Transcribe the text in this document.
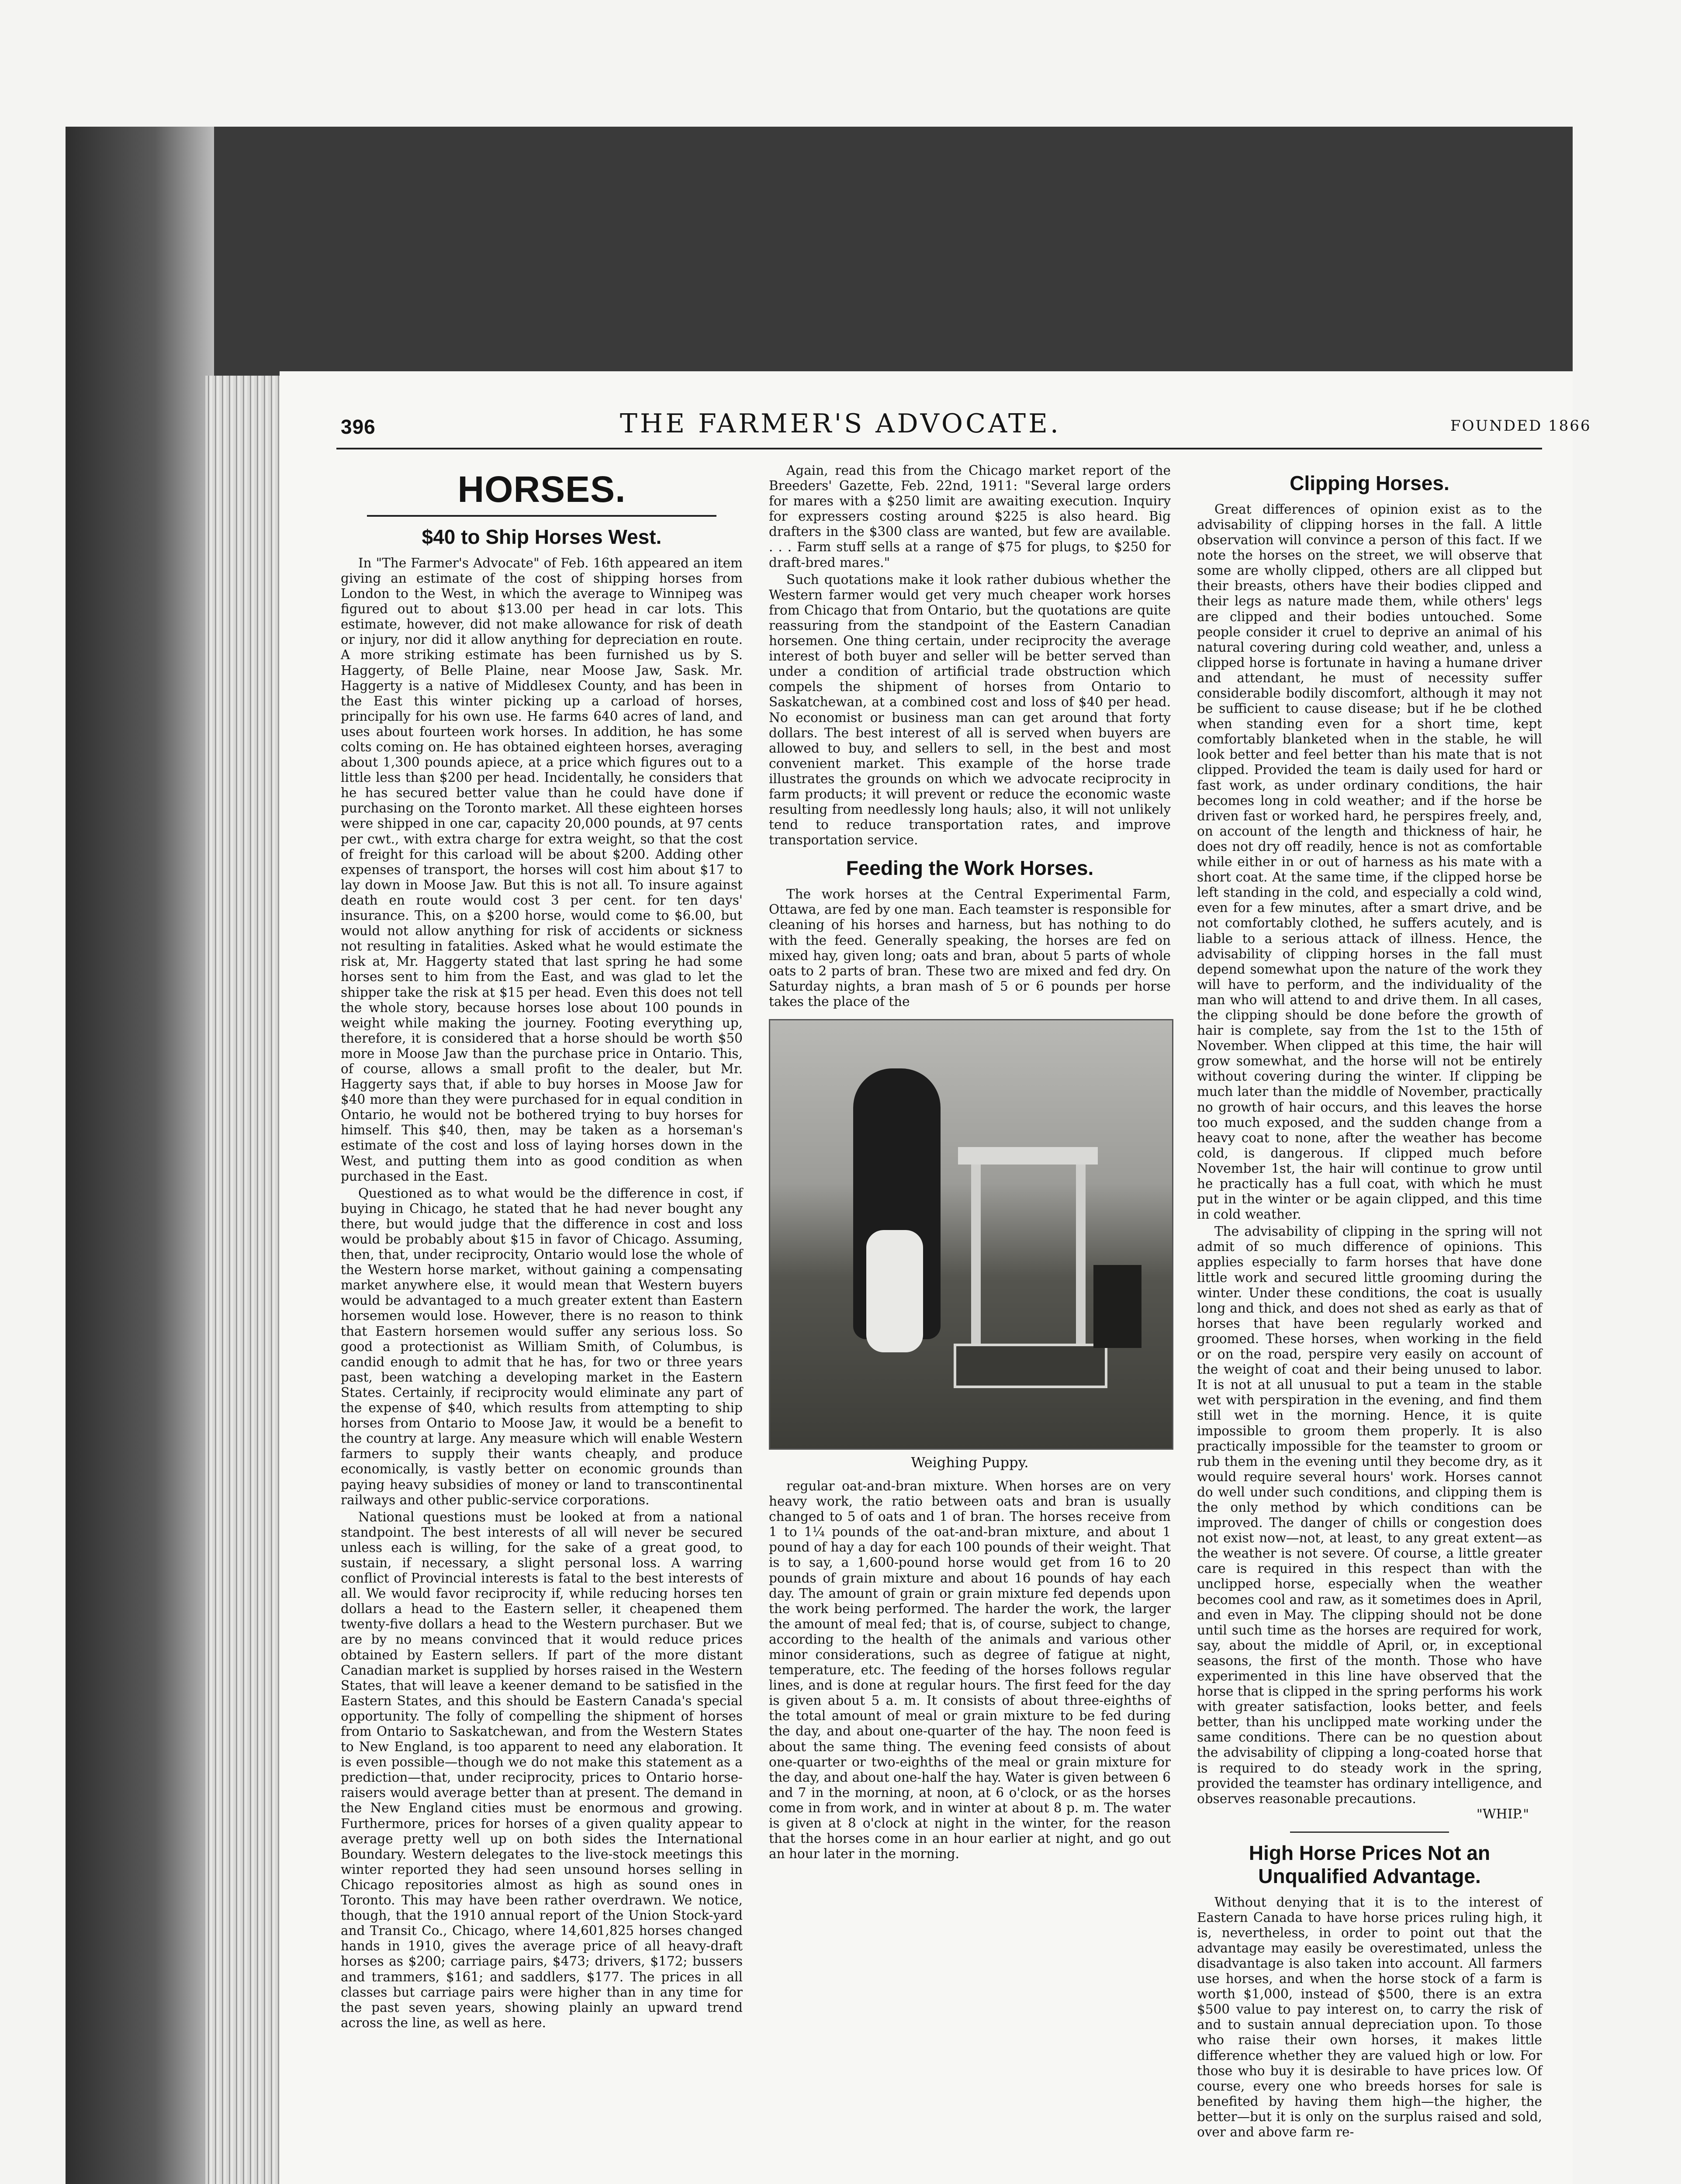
396	THE FARMER'S ADVOCATE.	FOUNDED 1866
HORSES.
$40 to Ship Horses West.

In "The Farmer's Advocate" of Feb. 16th appeared an item giving an estimate of the cost of shipping horses from London to the West, in which the average to Winnipeg was figured out to about $13.00 per head in car lots. This estimate, however, did not make allowance for risk of death or injury, nor did it allow anything for depreciation en route. A more striking estimate has been furnished us by S. Haggerty, of Belle Plaine, near Moose Jaw, Sask. Mr. Haggerty is a native of Middlesex County, and has been in the East this winter picking up a carload of horses, principally for his own use. He farms 640 acres of land, and uses about fourteen work horses. In addition, he has some colts coming on. He has obtained eighteen horses, averaging about 1,300 pounds apiece, at a price which figures out to a little less than $200 per head. Incidentally, he considers that he has secured better value than he could have done if purchasing on the Toronto market. All these eighteen horses were shipped in one car, capacity 20,000 pounds, at 97 cents per cwt., with extra charge for extra weight, so that the cost of freight for this carload will be about $200. Adding other expenses of transport, the horses will cost him about $17 to lay down in Moose Jaw. But this is not all. To insure against death en route would cost 3 per cent. for ten days' insurance. This, on a $200 horse, would come to $6.00, but would not allow anything for risk of accidents or sickness not resulting in fatalities. Asked what he would estimate the risk at, Mr. Haggerty stated that last spring he had some horses sent to him from the East, and was glad to let the shipper take the risk at $15 per head. Even this does not tell the whole story, because horses lose about 100 pounds in weight while making the journey. Footing everything up, therefore, it is considered that a horse should be worth $50 more in Moose Jaw than the purchase price in Ontario. This, of course, allows a small profit to the dealer, but Mr. Haggerty says that, if able to buy horses in Moose Jaw for $40 more than they were purchased for in equal condition in Ontario, he would not be bothered trying to buy horses for himself. This $40, then, may be taken as a horseman's estimate of the cost and loss of laying horses down in the West, and putting them into as good condition as when purchased in the East.

Questioned as to what would be the difference in cost, if buying in Chicago, he stated that he had never bought any there, but would judge that the difference in cost and loss would be probably about $15 in favor of Chicago. Assuming, then, that, under reciprocity, Ontario would lose the whole of the Western horse market, without gaining a compensating market anywhere else, it would mean that Western buyers would be advantaged to a much greater extent than Eastern horsemen would lose. However, there is no reason to think that Eastern horsemen would suffer any serious loss. So good a protectionist as William Smith, of Columbus, is candid enough to admit that he has, for two or three years past, been watching a developing market in the Eastern States. Certainly, if reciprocity would eliminate any part of the expense of $40, which results from attempting to ship horses from Ontario to Moose Jaw, it would be a benefit to the country at large. Any measure which will enable Western farmers to supply their wants cheaply, and produce economically, is vastly better on economic grounds than paying heavy subsidies of money or land to transcontinental railways and other public-service corporations.

National questions must be looked at from a national standpoint. The best interests of all will never be secured unless each is willing, for the sake of a great good, to sustain, if necessary, a slight personal loss. A warring conflict of Provincial interests is fatal to the best interests of all. We would favor reciprocity if, while reducing horses ten dollars a head to the Eastern seller, it cheapened them twenty-five dollars a head to the Western purchaser. But we are by no means convinced that it would reduce prices obtained by Eastern sellers. If part of the more distant Canadian market is supplied by horses raised in the Western States, that will leave a keener demand to be satisfied in the Eastern States, and this should be Eastern Canada's special opportunity. The folly of compelling the shipment of horses from Ontario to Saskatchewan, and from the Western States to New England, is too apparent to need any elaboration. It is even possible—though we do not make this statement as a prediction—that, under reciprocity, prices to Ontario horse-raisers would average better than at present. The demand in the New England cities must be enormous and growing. Furthermore, prices for horses of a given quality appear to average pretty well up on both sides the International Boundary. Western delegates to the live-stock meetings this winter reported they had seen unsound horses selling in Chicago repositories almost as high as sound ones in Toronto. This may have been rather overdrawn. We notice, though, that the 1910 annual report of the Union Stock-yard and Transit Co., Chicago, where 14,601,825 horses changed hands in 1910, gives the average price of all heavy-draft horses as $200; carriage pairs, $473; drivers, $172; bussers and trammers, $161; and saddlers, $177. The prices in all classes but carriage pairs were higher than in any time for the past seven years, showing plainly an upward trend across the line, as well as here.

Again, read this from the Chicago market report of the Breeders' Gazette, Feb. 22nd, 1911: "Several large orders for mares with a $250 limit are awaiting execution. Inquiry for expressers costing around $225 is also heard. Big drafters in the $300 class are wanted, but few are available. . . . Farm stuff sells at a range of $75 for plugs, to $250 for draft-bred mares."

Such quotations make it look rather dubious whether the Western farmer would get very much cheaper work horses from Chicago that from Ontario, but the quotations are quite reassuring from the standpoint of the Eastern Canadian horsemen. One thing certain, under reciprocity the average interest of both buyer and seller will be better served than under a condition of artificial trade obstruction which compels the shipment of horses from Ontario to Saskatchewan, at a combined cost and loss of $40 per head. No economist or business man can get around that forty dollars. The best interest of all is served when buyers are allowed to buy, and sellers to sell, in the best and most convenient market. This example of the horse trade illustrates the grounds on which we advocate reciprocity in farm products; it will prevent or reduce the economic waste resulting from needlessly long hauls; also, it will not unlikely tend to reduce transportation rates, and improve transportation service.

Feeding the Work Horses.

The work horses at the Central Experimental Farm, Ottawa, are fed by one man. Each teamster is responsible for cleaning of his horses and harness, but has nothing to do with the feed. Generally speaking, the horses are fed on mixed hay, given long; oats and bran, about 5 parts of whole oats to 2 parts of bran. These two are mixed and fed dry. On Saturday nights, a bran mash of 5 or 6 pounds per horse takes the place of the

Weighing Puppy.

regular oat-and-bran mixture. When horses are on very heavy work, the ratio between oats and bran is usually changed to 5 of oats and 1 of bran. The horses receive from 1 to 1¼ pounds of the oat-and-bran mixture, and about 1 pound of hay a day for each 100 pounds of their weight. That is to say, a 1,600-pound horse would get from 16 to 20 pounds of grain mixture and about 16 pounds of hay each day. The amount of grain or grain mixture fed depends upon the work being performed. The harder the work, the larger the amount of meal fed; that is, of course, subject to change, according to the health of the animals and various other minor considerations, such as degree of fatigue at night, temperature, etc. The feeding of the horses follows regular lines, and is done at regular hours. The first feed for the day is given about 5 a. m. It consists of about three-eighths of the total amount of meal or grain mixture to be fed during the day, and about one-quarter of the hay. The noon feed is about the same thing. The evening feed consists of about one-quarter or two-eighths of the meal or grain mixture for the day, and about one-half the hay. Water is given between 6 and 7 in the morning, at noon, at 6 o'clock, or as the horses come in from work, and in winter at about 8 p. m. The water is given at 8 o'clock at night in the winter, for the reason that the horses come in an hour earlier at night, and go out an hour later in the morning.

Clipping Horses.

Great differences of opinion exist as to the advisability of clipping horses in the fall. A little observation will convince a person of this fact. If we note the horses on the street, we will observe that some are wholly clipped, others are all clipped but their breasts, others have their bodies clipped and their legs as nature made them, while others' legs are clipped and their bodies untouched. Some people consider it cruel to deprive an animal of his natural covering during cold weather, and, unless a clipped horse is fortunate in having a humane driver and attendant, he must of necessity suffer considerable bodily discomfort, although it may not be sufficient to cause disease; but if he be clothed when standing even for a short time, kept comfortably blanketed when in the stable, he will look better and feel better than his mate that is not clipped. Provided the team is daily used for hard or fast work, as under ordinary conditions, the hair becomes long in cold weather; and if the horse be driven fast or worked hard, he perspires freely, and, on account of the length and thickness of hair, he does not dry off readily, hence is not as comfortable while either in or out of harness as his mate with a short coat. At the same time, if the clipped horse be left standing in the cold, and especially a cold wind, even for a few minutes, after a smart drive, and be not comfortably clothed, he suffers acutely, and is liable to a serious attack of illness. Hence, the advisability of clipping horses in the fall must depend somewhat upon the nature of the work they will have to perform, and the individuality of the man who will attend to and drive them. In all cases, the clipping should be done before the growth of hair is complete, say from the 1st to the 15th of November. When clipped at this time, the hair will grow somewhat, and the horse will not be entirely without covering during the winter. If clipping be much later than the middle of November, practically no growth of hair occurs, and this leaves the horse too much exposed, and the sudden change from a heavy coat to none, after the weather has become cold, is dangerous. If clipped much before November 1st, the hair will continue to grow until he practically has a full coat, with which he must put in the winter or be again clipped, and this time in cold weather.

The advisability of clipping in the spring will not admit of so much difference of opinions. This applies especially to farm horses that have done little work and secured little grooming during the winter. Under these conditions, the coat is usually long and thick, and does not shed as early as that of horses that have been regularly worked and groomed. These horses, when working in the field or on the road, perspire very easily on account of the weight of coat and their being unused to labor. It is not at all unusual to put a team in the stable wet with perspiration in the evening, and find them still wet in the morning. Hence, it is quite impossible to groom them properly. It is also practically impossible for the teamster to groom or rub them in the evening until they become dry, as it would require several hours' work. Horses cannot do well under such conditions, and clipping them is the only method by which conditions can be improved. The danger of chills or congestion does not exist now—not, at least, to any great extent—as the weather is not severe. Of course, a little greater care is required in this respect than with the unclipped horse, especially when the weather becomes cool and raw, as it sometimes does in April, and even in May. The clipping should not be done until such time as the horses are required for work, say, about the middle of April, or, in exceptional seasons, the first of the month. Those who have experimented in this line have observed that the horse that is clipped in the spring performs his work with greater satisfaction, looks better, and feels better, than his unclipped mate working under the same conditions. There can be no question about the advisability of clipping a long-coated horse that is required to do steady work in the spring, provided the teamster has ordinary intelligence, and observes reasonable precautions.

"WHIP."

High Horse Prices Not an Unqualified Advantage.

Without denying that it is to the interest of Eastern Canada to have horse prices ruling high, it is, nevertheless, in order to point out that the advantage may easily be overestimated, unless the disadvantage is also taken into account. All farmers use horses, and when the horse stock of a farm is worth $1,000, instead of $500, there is an extra $500 value to pay interest on, to carry the risk of and to sustain annual depreciation upon. To those who raise their own horses, it makes little difference whether they are valued high or low. For those who buy it is desirable to have prices low. Of course, every one who breeds horses for sale is benefited by having them high—the higher, the better—but it is only on the surplus raised and sold, over and above farm re-
